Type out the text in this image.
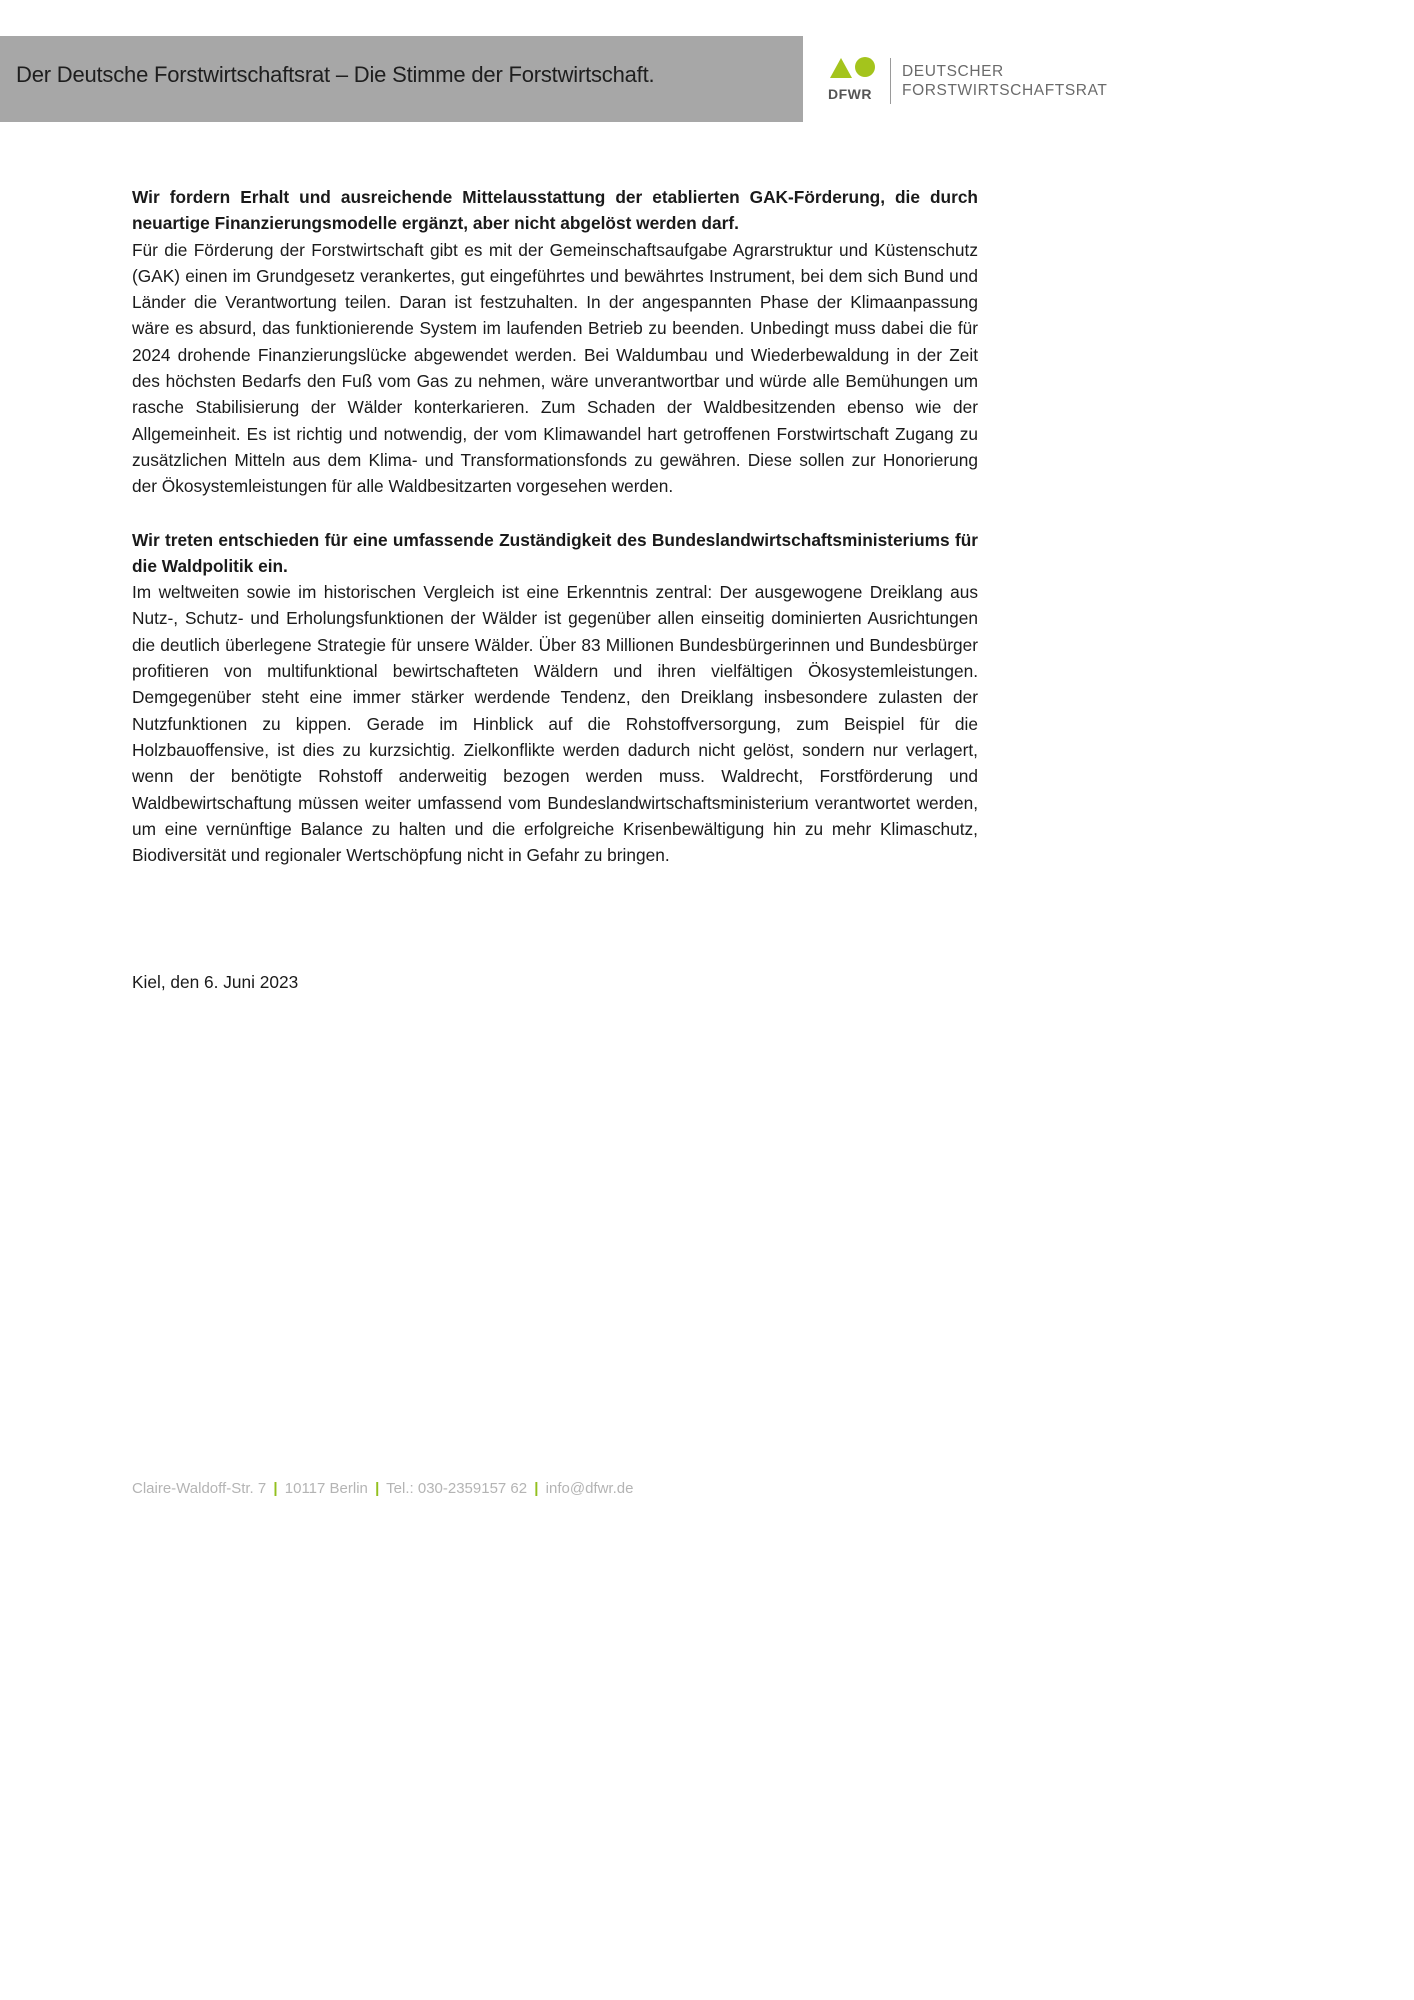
Der Deutsche Forstwirtschaftsrat – Die Stimme der Forstwirtschaft.
DFWR
DEUTSCHER
FORSTWIRTSCHAFTSRAT

Wir fordern Erhalt und ausreichende Mittelausstattung der etablierten GAK-Förderung, die durch neuartige Finanzierungsmodelle ergänzt, aber nicht abgelöst werden darf.

Für die Förderung der Forstwirtschaft gibt es mit der Gemeinschaftsaufgabe Agrarstruktur und Küstenschutz (GAK) einen im Grundgesetz verankertes, gut eingeführtes und bewährtes Instrument, bei dem sich Bund und Länder die Verantwortung teilen. Daran ist festzuhalten. In der angespannten Phase der Klimaanpassung wäre es absurd, das funktionierende System im laufenden Betrieb zu beenden. Unbedingt muss dabei die für 2024 drohende Finanzierungslücke abgewendet werden. Bei Waldumbau und Wiederbewaldung in der Zeit des höchsten Bedarfs den Fuß vom Gas zu nehmen, wäre unverantwortbar und würde alle Bemühungen um rasche Stabilisierung der Wälder konterkarieren. Zum Schaden der Waldbesitzenden ebenso wie der Allgemeinheit. Es ist richtig und notwendig, der vom Klimawandel hart getroffenen Forstwirtschaft Zugang zu zusätzlichen Mitteln aus dem Klima- und Transformationsfonds zu gewähren. Diese sollen zur Honorierung der Ökosystemleistungen für alle Waldbesitzarten vorgesehen werden.

Wir treten entschieden für eine umfassende Zuständigkeit des Bundeslandwirtschaftsministeriums für die Waldpolitik ein.

Im weltweiten sowie im historischen Vergleich ist eine Erkenntnis zentral: Der ausgewogene Dreiklang aus Nutz-, Schutz- und Erholungsfunktionen der Wälder ist gegenüber allen einseitig dominierten Ausrichtungen die deutlich überlegene Strategie für unsere Wälder. Über 83 Millionen Bundesbürgerinnen und Bundesbürger profitieren von multifunktional bewirtschafteten Wäldern und ihren vielfältigen Ökosystemleistungen. Demgegenüber steht eine immer stärker werdende Tendenz, den Dreiklang insbesondere zulasten der Nutzfunktionen zu kippen. Gerade im Hinblick auf die Rohstoffversorgung, zum Beispiel für die Holzbauoffensive, ist dies zu kurzsichtig. Zielkonflikte werden dadurch nicht gelöst, sondern nur verlagert, wenn der benötigte Rohstoff anderweitig bezogen werden muss. Waldrecht, Forstförderung und Waldbewirtschaftung müssen weiter umfassend vom Bundeslandwirtschaftsministerium verantwortet werden, um eine vernünftige Balance zu halten und die erfolgreiche Krisenbewältigung hin zu mehr Klimaschutz, Biodiversität und regionaler Wertschöpfung nicht in Gefahr zu bringen.

Kiel, den 6. Juni 2023
Claire-Waldoff-Str. 7 | 10117 Berlin | Tel.: 030-2359157 62 | info@dfwr.de
